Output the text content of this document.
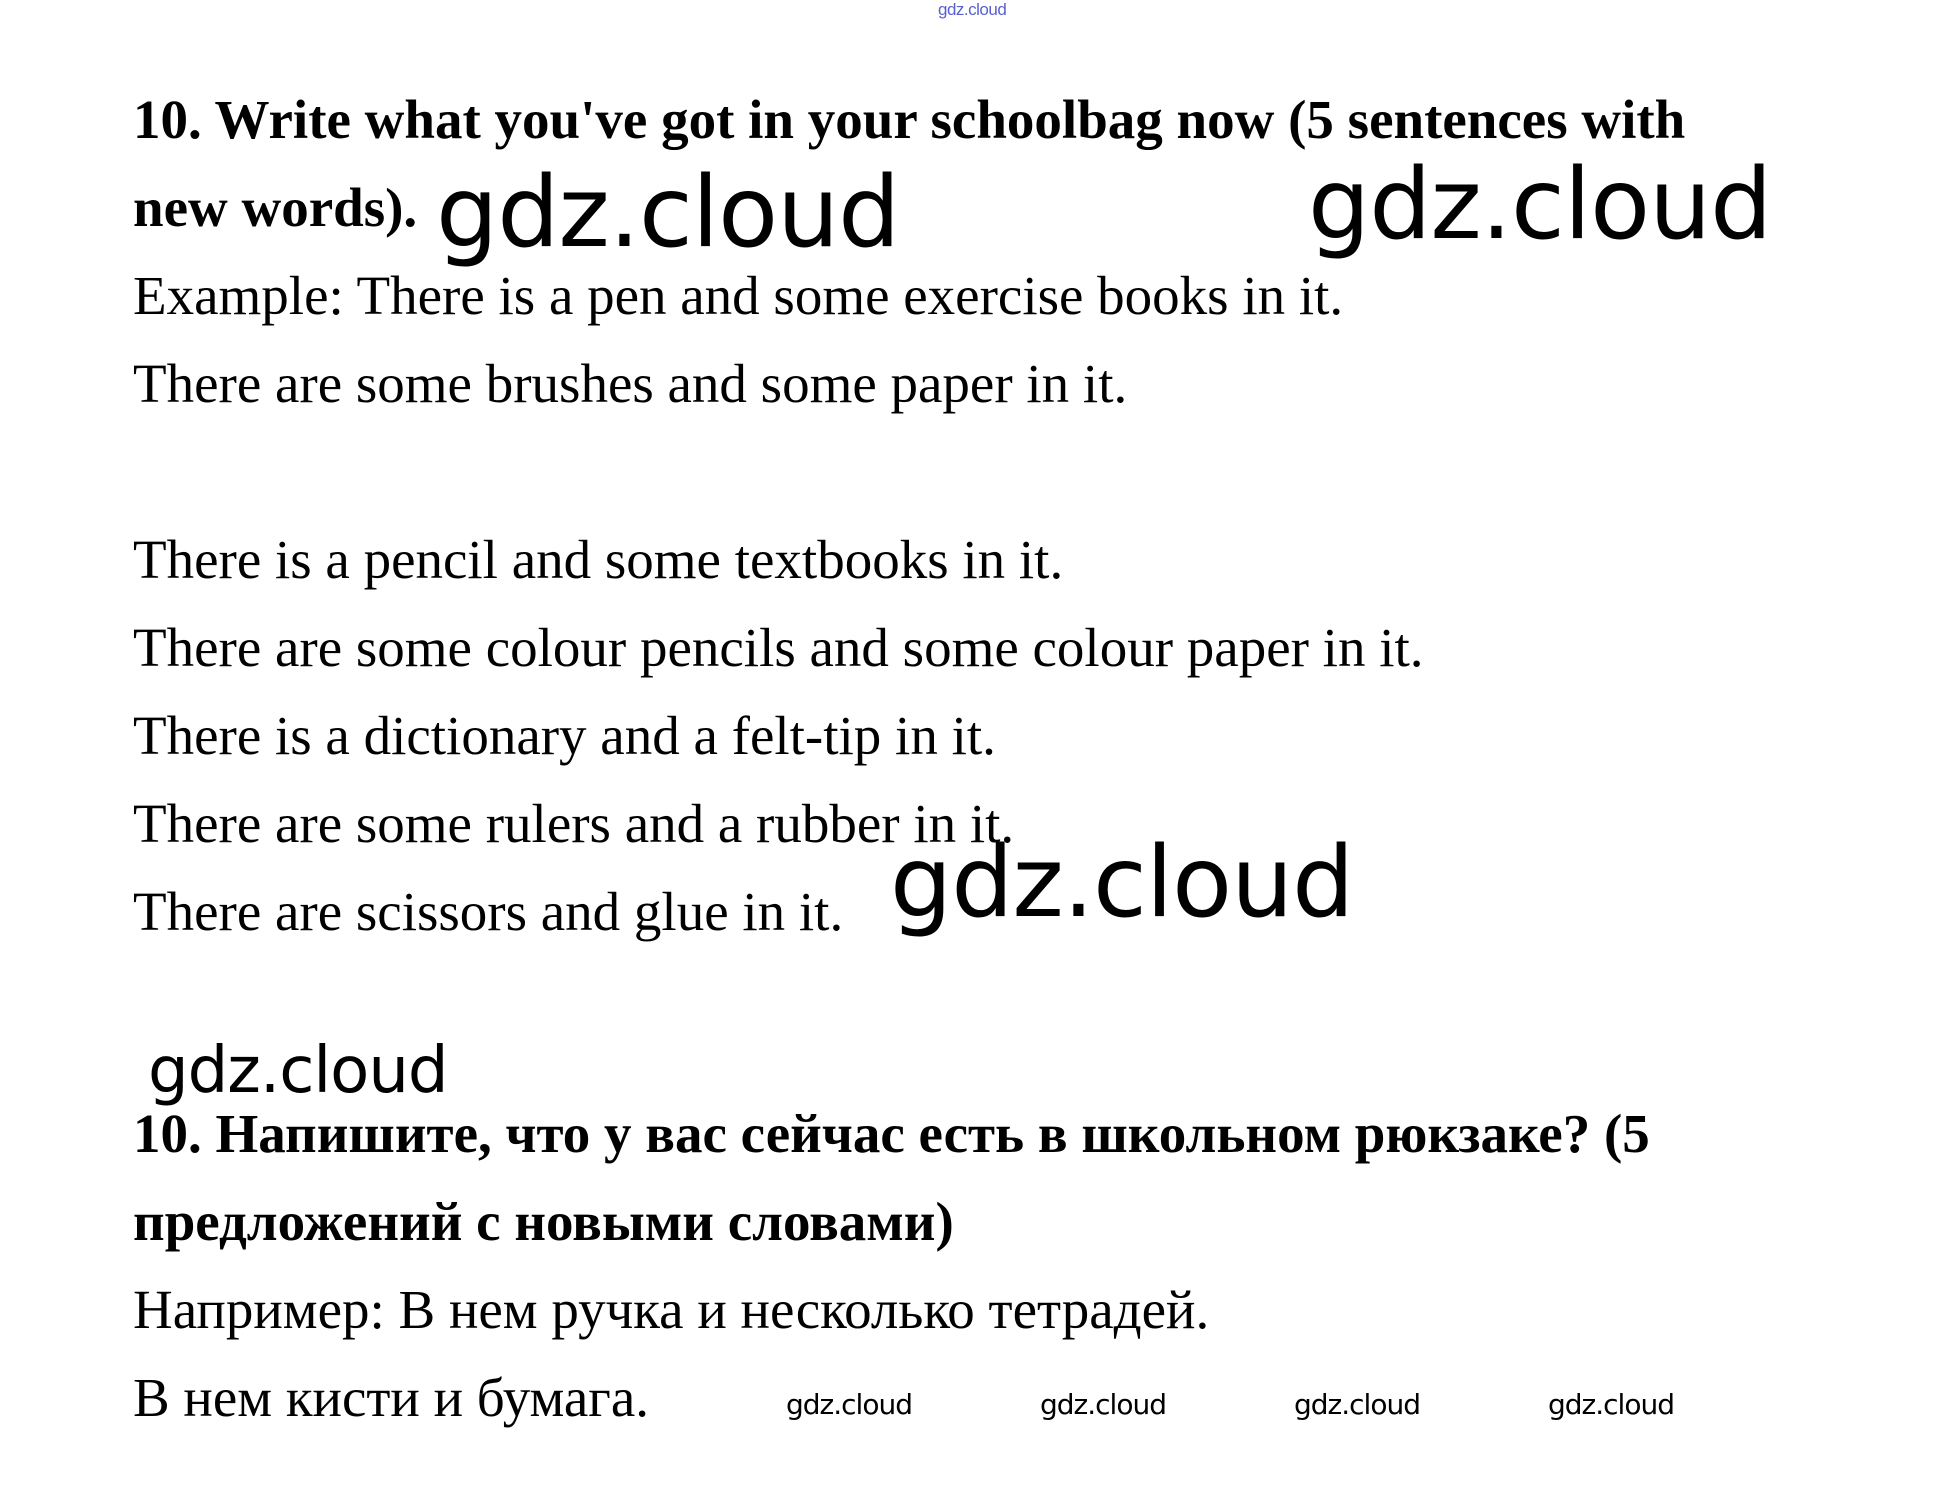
gdz.cloud
10. Write what you've got in your schoolbag now (5 sentences with
new words).
Example: There is a pen and some exercise books in it.
There are some brushes and some paper in it.
There is a pencil and some textbooks in it.
There are some colour pencils and some colour paper in it.
There is a dictionary and a felt-tip in it.
There are some rulers and a rubber in it.
There are scissors and glue in it.
10. Напишите, что у вас сейчас есть в школьном рюкзаке? (5
предложений с новыми словами)
Например: В нем ручка и несколько тетрадей.
В нем кисти и бумага.
gdz.cloud	gdz.cloud
gdz.cloud
gdz.cloud
gdz.cloud	gdz.cloud	gdz.cloud	gdz.cloud
